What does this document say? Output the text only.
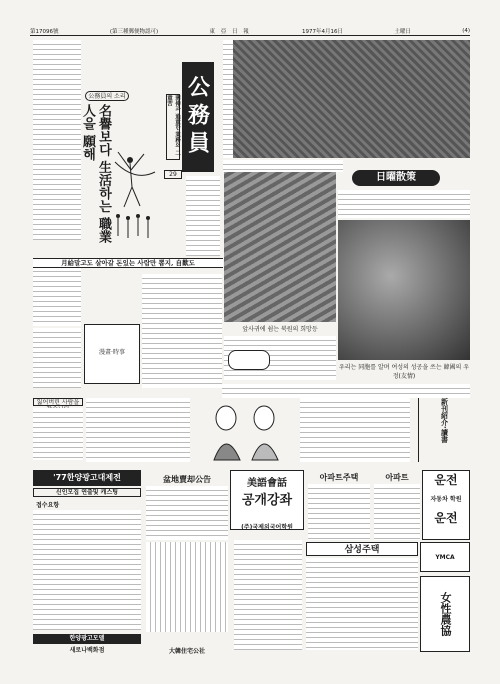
第17096號	(第三種郵便物認可)	東 亞 日 報	1977年4月16日	土曜日	(4)
公務員의 소리	公務員
薄俸과 過重한 業務의 二重苦
名譽보다 生活하는 職業人을 願해
29
月給말고도 살아갈 돈있는 사람만 뽑지, 自歎도
日曜散策
앞사귀에 쉼는 북원의 희망등
우리는 同胞를 알며 여성의 성공을 쓰는 韓國의 우정(友情)
漫畫·時事
잃어버린 사람을	新刊紹介·讀書
'77한양광고대제전
신인모집 연출및 캐스팅
접수요항
한양광고모델
새로나백화점
盆地賣却公告
大韓住宅公社
美語會話
공개강좌
(주)국제외국어학원
아파트주택	아파트	운전
자동차 학원
운전
삼성주택
YMCA
女性農協
